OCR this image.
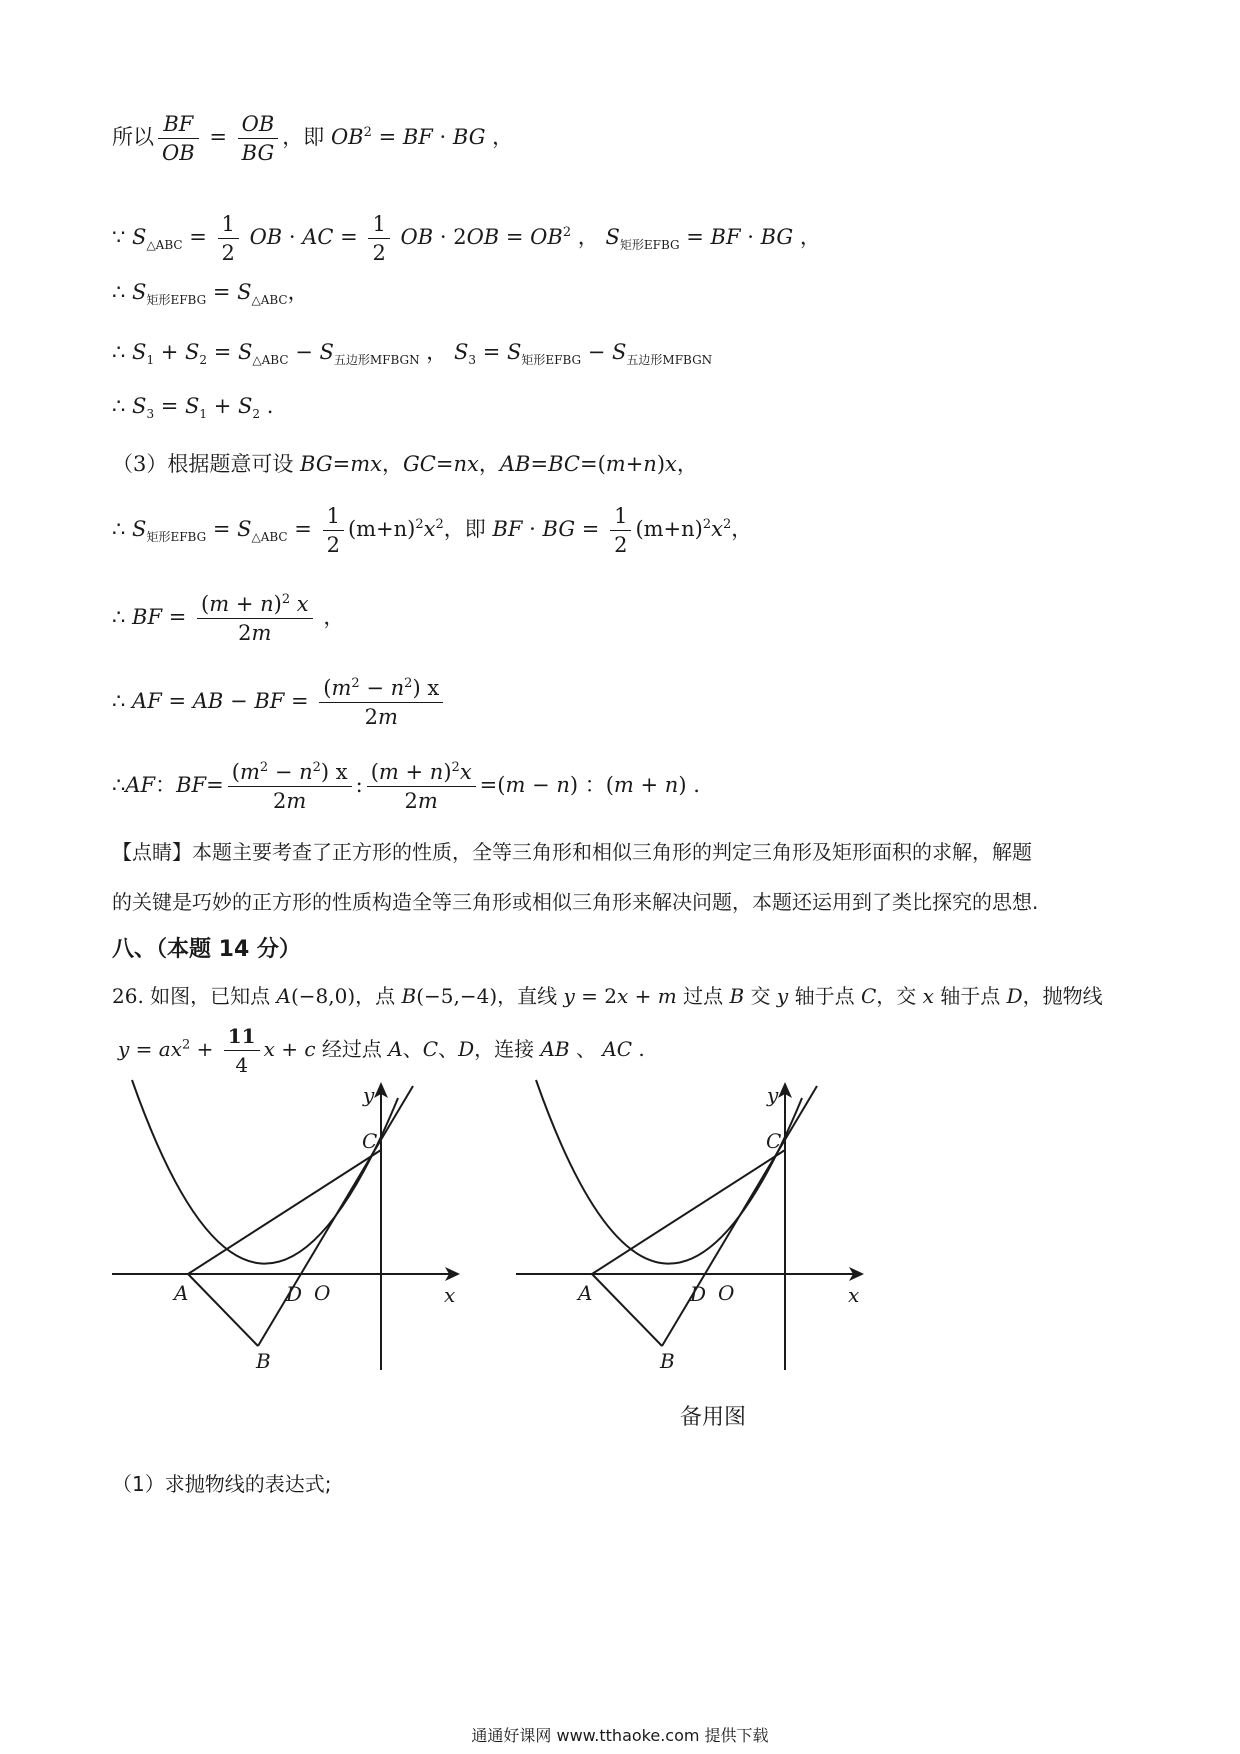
所以 $\frac{BF}{OB} = \frac{OB}{BG}$ ，即 $OB^2$ = BF · BG ，
∵ $S_{\triangle ABC} = \frac{1}{2}$ OB · AC = $\frac{1}{2}$ OB · $2OB = OB^2$ ， $S_{矩形EFBG}$ = BF · BG ，
∴ $S_{矩形EFBG} = S_{\triangle ABC}$，
∴ $S_1 + S_2 = S_{\triangle ABC} - S_{五边形MFBGN}$ ， $S_3 = S_{矩形EFBG} - S_{五边形MFBGN}$
∴ $S_3 = S_1 + S_2$ .
（3）根据题意可设 BG=mx，GC=nx，AB=BC=(m+n)x，
∴ $S_{矩形EFBG} = S_{\triangle ABC} = \frac{1}{2} (m+n)^2x^2$，即 BF · BG = $\frac{1}{2} (m+n)^2x^2$，
∴ BF = $\frac{(m + n)^2 x}{2m}$ ，
∴ AF = AB − BF = $\frac{(m^2 - n^2) x}{2m}$
∴AF：$BF= \frac{(m^2 - n^2) x}{2m}$ : $\frac{(m + n)^2x}{2m} =(m - n)$ ：(m + n) .
【点睛】本题主要考查了正方形的性质，全等三角形和相似三角形的判定三角形及矩形面积的求解，解题
的关键是巧妙的正方形的性质构造全等三角形或相似三角形来解决问题，本题还运用到了类比探究的思想.
八、（本题 14 分）
26. 如图，已知点 A(−8,0)，点 B(−5,−4)，直线 y = 2x + m 过点 B 交 y 轴于点 C，交 x 轴于点 D，抛物线
$y = ax^2 + \frac{11}{4}$ x + c 经过点 A、C、D，连接 AB 、 AC .
y
C
A	D O	x
B
y
C
A	D O	x
B
备用图
（1）求抛物线的表达式;
通通好课网 www.tthaoke.com 提供下载
